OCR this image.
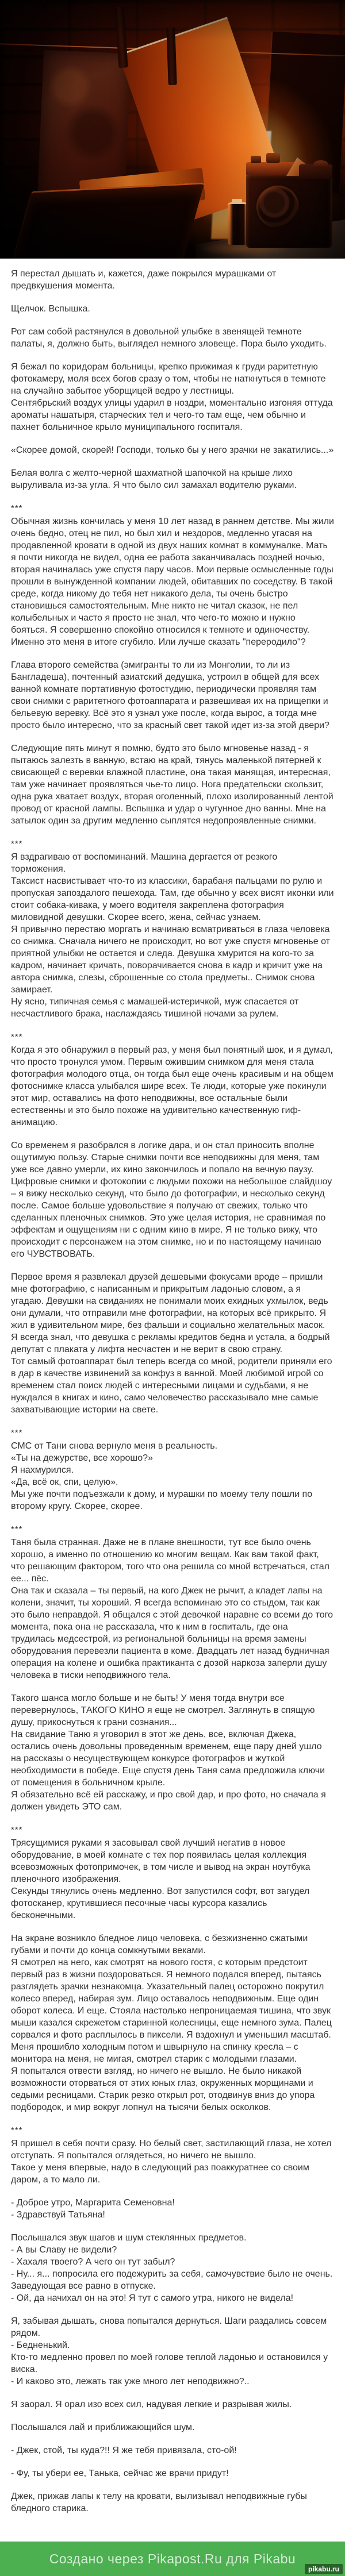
Я перестал дышать и, кажется, даже покрылся мурашками от предвкушения момента.

Щелчок. Вспышка.

Рот сам собой растянулся в довольной улыбке в звенящей темноте палаты, я, должно быть, выглядел немного зловеще. Пора было уходить.

Я бежал по коридорам больницы, крепко прижимая к груди раритетную фотокамеру, моля всех богов сразу о том, чтобы не наткнуться в темноте на случайно забытое уборщицей ведро у лестницы.
Сентябрьский воздух улицы ударил в ноздри, моментально изгоняя оттуда ароматы нашатыря, старческих тел и чего-то там еще, чем обычно и пахнет больничное крыло муниципального госпиталя.

«Скорее домой, скорей! Господи, только бы у него зрачки не закатились...»

Белая волга с желто-черной шахматной шапочкой на крыше лихо выруливала из-за угла. Я что было сил замахал водителю руками.

***

Обычная жизнь кончилась у меня 10 лет назад в раннем детстве. Мы жили очень бедно, отец не пил, но был хил и нездоров, медленно угасая на продавленной кровати в одной из двух наших комнат в коммуналке. Мать я почти никогда не видел, одна ее работа заканчивалась поздней ночью, вторая начиналась уже спустя пару часов. Мои первые осмысленные годы прошли в вынужденной компании людей, обитавших по соседству. В такой среде, когда никому до тебя нет никакого дела, ты очень быстро становишься самостоятельным. Мне никто не читал сказок, не пел колыбельных и часто я просто не знал, что чего-то можно и нужно бояться. Я совершенно спокойно относился к темноте и одиночеству.
Именно это меня в итоге сгубило. Или лучше сказать "переродило"?

Глава второго семейства (эмигранты то ли из Монголии, то ли из Бангладеша), почтенный азиатский дедушка, устроил в общей для всех ванной комнате портативную фотостудию, периодически проявляя там свои снимки с раритетного фотоаппарата и развешивая их на прищепки и бельевую веревку. Всё это я узнал уже после, когда вырос, а тогда мне просто было интересно, что за красный свет такой идет из-за этой двери?

Следующие пять минут я помню, будто это было мгновенье назад - я пытаюсь залезть в ванную, встаю на край, тянусь маленькой пятерней к свисающей с веревки влажной пластине, она такая манящая, интересная, там уже начинает проявляться чье-то лицо. Нога предательски скользит, одна рука хватает воздух, вторая оголенный, плохо изолированный лентой провод от красной лампы. Вспышка и удар о чугунное дно ванны. Мне на затылок один за другим медленно сыплятся недопроявленные снимки.

***

Я вздрагиваю от воспоминаний. Машина дергается от резкого торможения.
Таксист насвистывает что-то из классики, барабаня пальцами по рулю и пропуская запоздалого пешехода. Там, где обычно у всех висят иконки или стоит собака-кивака, у моего водителя закреплена фотография миловидной девушки. Скорее всего, жена, сейчас узнаем.
Я привычно перестаю моргать и начинаю всматриваться в глаза человека со снимка. Сначала ничего не происходит, но вот уже спустя мгновенье от приятной улыбки не остается и следа. Девушка хмурится на кого-то за кадром, начинает кричать, поворачивается снова в кадр и кричит уже на автора снимка, слезы, сброшенные со стола предметы.. Снимок снова замирает.
Ну ясно, типичная семья с мамашей-истеричкой, муж спасается от несчастливого брака, наслаждаясь тишиной ночами за рулем.

***

Когда я это обнаружил в первый раз, у меня был понятный шок, и я думал, что просто тронулся умом. Первым ожившим снимком для меня стала фотография молодого отца, он тогда был еще очень красивым и на общем фотоснимке класса улыбался шире всех. Те люди, которые уже покинули этот мир, оставались на фото неподвижны, все остальные были естественны и это было похоже на удивительно качественную гиф-анимацию.

Со временем я разобрался в логике дара, и он стал приносить вполне ощутимую пользу. Старые снимки почти все неподвижны для меня, там уже все давно умерли, их кино закончилось и попало на вечную паузу. Цифровые снимки и фотокопии с людьми похожи на небольшое слайдшоу – я вижу несколько секунд, что было до фотографии, и несколько секунд
после. Самое больше удовольствие я получаю от свежих, только что сделанных пленочных снимков. Это уже целая история, не сравнимая по эффектам и ощущениям ни с одним кино в мире. Я не только вижу, что происходит с персонажем на этом снимке, но и по настоящему начинаю его ЧУВСТВОВАТЬ.

Первое время я развлекал друзей дешевыми фокусами вроде – пришли мне фотографию, с написанным и прикрытым ладонью словом, а я угадаю. Девушки на свиданиях не понимали моих ехидных ухмылок, ведь они думали, что отправили мне фотографии, на которых всё прикрыто. Я жил в удивительном мире, без фальши и социально желательных масок. Я всегда знал, что девушка с рекламы кредитов бедна и устала, а бодрый депутат с плаката у лифта несчастен и не верит в свою страну.
Тот самый фотоаппарат был теперь всегда со мной, родители приняли его в дар в качестве извинений за конфуз в ванной. Моей любимой игрой со временем стал поиск людей с интересными лицами и судьбами, я не нуждался в книгах и кино, само человечество рассказывало мне самые захватывающие истории на свете.

***

СМС от Тани снова вернуло меня в реальность.
«Ты на дежурстве, все хорошо?»
Я нахмурился.
«Да, всё ок, спи, целую».
Мы уже почти подъезжали к дому, и мурашки по моему телу пошли по второму кругу. Скорее, скорее.

***

Таня была странная. Даже не в плане внешности, тут все было очень хорошо, а именно по отношению ко многим вещам. Как вам такой факт, что решающим фактором, того что она решила со мной встречаться, стал ее... пёс.
Она так и сказала – ты первый, на кого Джек не рычит, а кладет лапы на колени, значит, ты хороший. Я всегда вспоминаю это со стыдом, так как это было неправдой. Я общался с этой девочкой наравне со всеми до того момента, пока она не рассказала, что к ним в госпиталь, где она трудилась медсестрой, из региональной больницы на время замены оборудования перевезли пациента в коме. Двадцать лет назад будничная операция на колене и ошибка практиканта с дозой наркоза заперли душу человека в тиски неподвижного тела.

Такого шанса могло больше и не быть! У меня тогда внутри все перевернулось, ТАКОГО КИНО я еще не смотрел. Заглянуть в спящую душу, прикоснуться к грани сознания...
На свидание Таню я уговорил в этот же день, все, включая Джека, остались очень довольны проведенным временем, еще пару дней ушло на рассказы о несуществующем конкурсе фотографов и жуткой необходимости в победе. Еще спустя день Таня сама предложила ключи от помещения в больничном крыле.
Я обязательно всё ей расскажу, и про свой дар, и про фото, но сначала я должен увидеть ЭТО сам.

***

Трясущимися руками я засовывал свой лучший негатив в новое оборудование, в моей комнате с тех пор появилась целая коллекция всевозможных фотопримочек, в том числе и вывод на экран ноутбука пленочного изображения.
Секунды тянулись очень медленно. Вот запустился софт, вот загудел фотосканер, крутившиеся песочные часы курсора казались бесконечными.

На экране возникло бледное лицо человека, с безжизненно сжатыми губами и почти до конца сомкнутыми веками.
Я смотрел на него, как смотрят на нового гостя, с которым предстоит первый раз в жизни поздороваться. Я немного подался вперед, пытаясь разглядеть зрачки незнакомца. Указательный палец осторожно покрутил колесо вперед, набирая зум. Лицо оставалось неподвижным. Еще один оборот колеса. И еще. Стояла настолько непроницаемая тишина, что звук мыши казался скрежетом старинной колесницы, еще немного зума. Палец сорвался и фото расплылось в пиксели. Я вздохнул и уменьшил масштаб. Меня прошибло холодным потом и швырнуло на спинку кресла – с монитора на меня, не мигая, смотрел старик с молодыми глазами.
Я попытался отвести взгляд, но ничего не вышло. Не было никакой возможности оторваться от этих юных глаз, окруженных морщинами и седыми ресницами. Старик резко открыл рот, отодвинув вниз до упора подбородок, и мир вокруг лопнул на тысячи белых осколков.

***

Я пришел в себя почти сразу. Но белый свет, застилающий глаза, не хотел отступать. Я попытался оглядеться, но ничего не вышло.
Такое у меня впервые, надо в следующий раз поаккуратнее со своим даром, а то мало ли.

- Доброе утро, Маргарита Семеновна!
- Здравствуй Татьяна!

Послышался звук шагов и шум стеклянных предметов.
- А вы Славу не видели?
- Хахаля твоего? А чего он тут забыл?
- Ну... я... попросила его подежурить за себя, самочувствие было не очень. Заведующая все равно в отпуске.
- Ой, да начихал он на это! Я тут с самого утра, никого не видела!

Я, забывая дышать, снова попытался дернуться. Шаги раздались совсем рядом.
- Бедненький.
Кто-то медленно провел по моей голове теплой ладонью и остановился у виска.
- И каково это, лежать так уже много лет неподвижно?..

Я заорал. Я орал изо всех сил, надувая легкие и разрывая жилы.

Послышался лай и приближающийся шум.

- Джек, стой, ты куда?!! Я же тебя привязала, сто-ой!

- Фу, ты убери ее, Танька, сейчас же врачи придут!

Джек, прижав лапы к телу на кровати, вылизывал неподвижные губы бледного старика.

Создано через Pikapost.Ru для Pikabu
pikabu.ru
